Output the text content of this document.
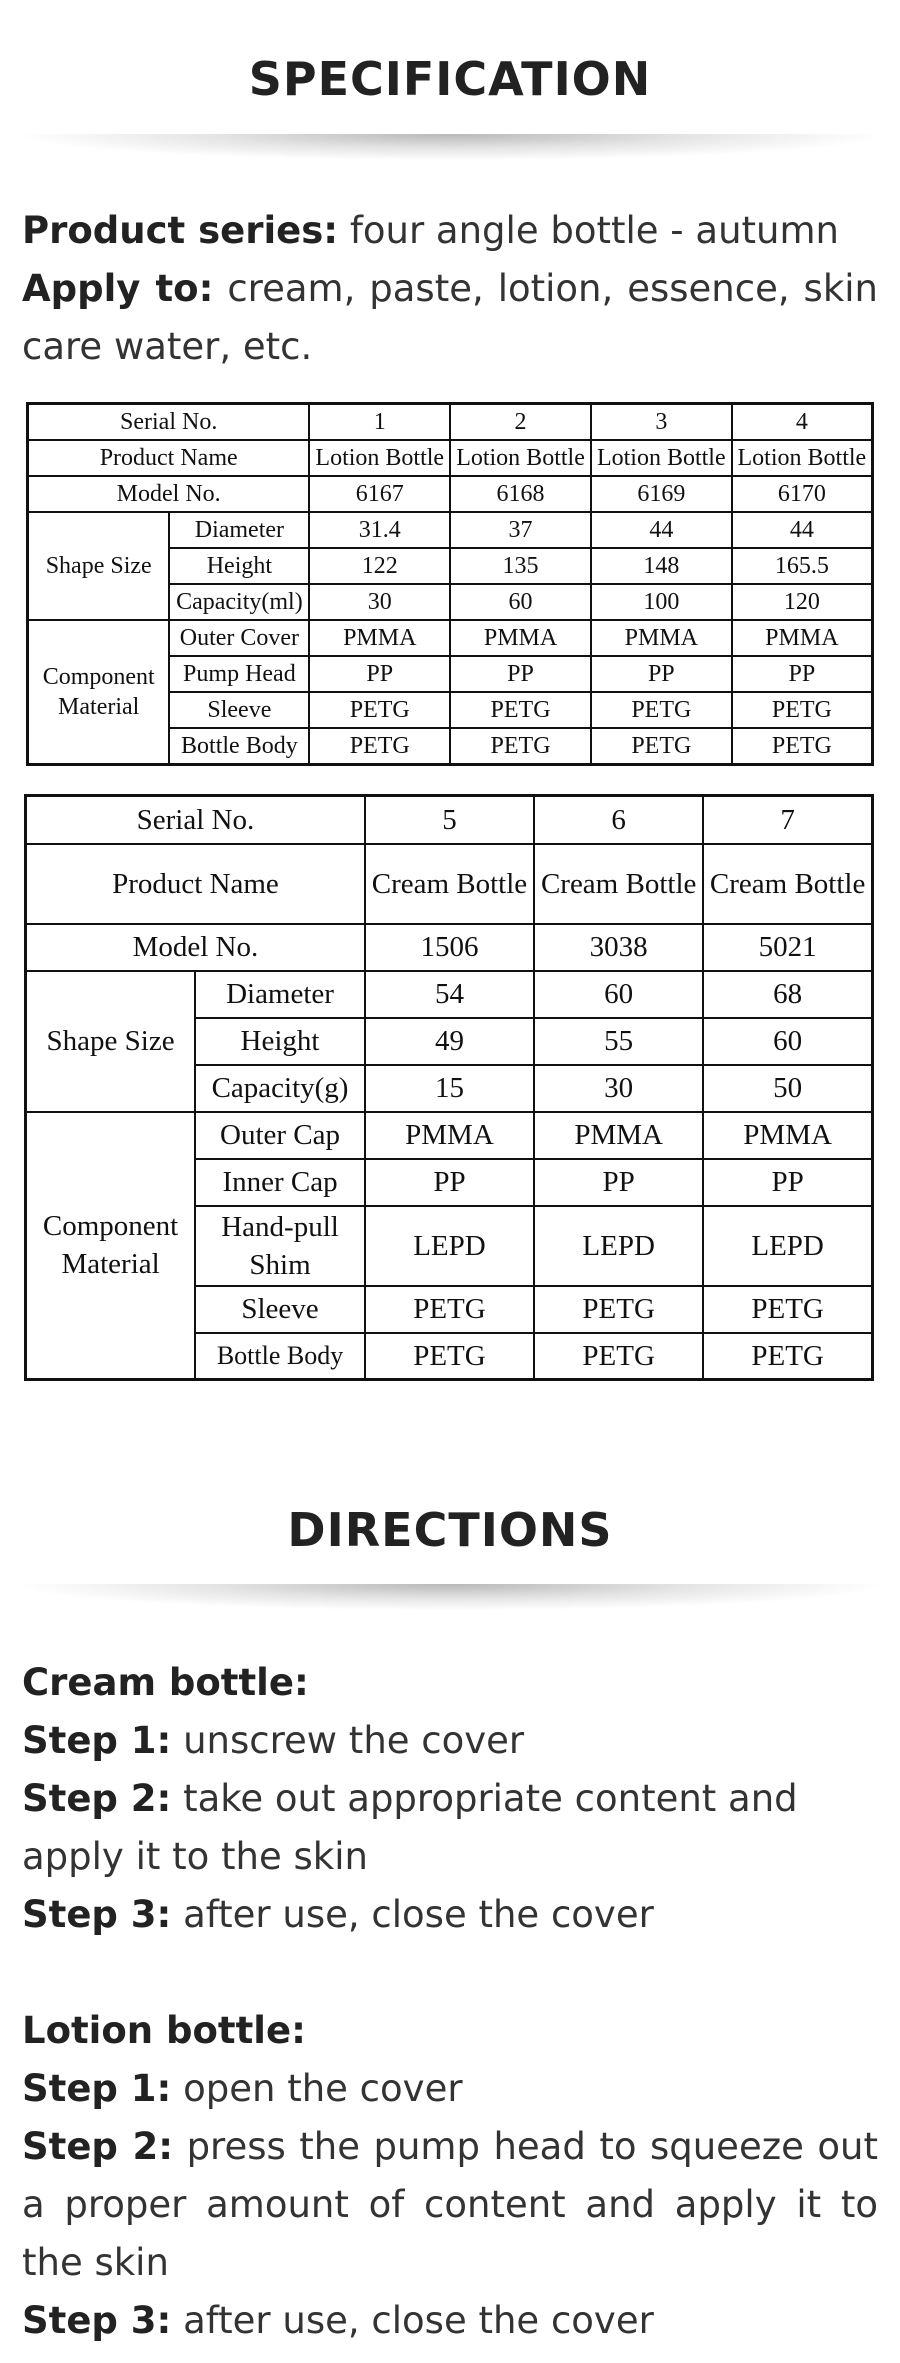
SPECIFICATION
Product series: four angle bottle - autumn
Apply to: cream, paste, lotion, essence, skin care water, etc.
Serial No.		1	2	3	4
Product Name		Lotion Bottle	Lotion Bottle	Lotion Bottle	Lotion Bottle
Model No.		6167	6168	6169	6170
Shape Size	Diameter	31.4	37	44	44
	Height	122	135	148	165.5
	Capacity(ml)	30	60	100	120
Component Material	Outer Cover	PMMA	PMMA	PMMA	PMMA
	Pump Head	PP	PP	PP	PP
	Sleeve	PETG	PETG	PETG	PETG
	Bottle Body	PETG	PETG	PETG	PETG
Serial No.		5	6	7
Product Name		Cream Bottle	Cream Bottle	Cream Bottle
Model No.		1506	3038	5021
Shape Size	Diameter	54	60	68
	Height	49	55	60
	Capacity(g)	15	30	50
Component Material	Outer Cap	PMMA	PMMA	PMMA
	Inner Cap	PP	PP	PP
	Hand-pull Shim	LEPD	LEPD	LEPD
	Sleeve	PETG	PETG	PETG
	Bottle Body	PETG	PETG	PETG
DIRECTIONS
Cream bottle:
Step 1: unscrew the cover
Step 2: take out appropriate content and apply it to the skin
Step 3: after use, close the cover
Lotion bottle:
Step 1: open the cover
Step 2: press the pump head to squeeze out a proper amount of content and apply it to the skin
Step 3: after use, close the cover
